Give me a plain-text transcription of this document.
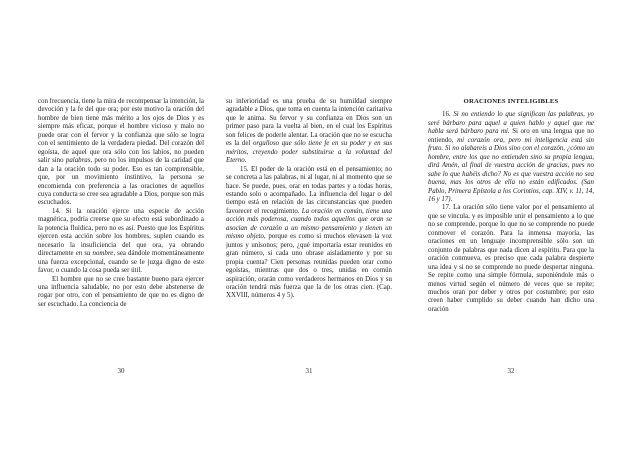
con frecuencia, tiene la mira de recompensar la intención, la devoción y la fe del que ora; por este motivo la oración del hombre de bien tiene más mérito a los ojos de Dios y es siempre más eficaz, porque el hombre vicioso y malo no puede orar con el fervor y la confianza que sólo se logra con el sentimiento de la verdadera piedad. Del corazón del egoísta, de aquel que ora sólo con los labios, no pueden salir sino palabras, pero no los impulsos de la caridad que dan a la oración todo su poder. Eso es tan comprensible, que, por un movimiento instintivo, la persona se encomienda con preferencia a las oraciones de aquellos cuya conducta se cree sea agradable a Dios, porque son más escuchados.

14. Si la oración ejerce una especie de acción magnética, podría creerse que su efecto está subordinado a la potencia fluídica, pero no es así. Puesto que los Espíritus ejercen esta acción sobre los hombres, suplen cuando es necesario la insuficiencia del que ora, ya obrando directamente en su nombre, sea dándole momentáneamente una fuerza excepcional, cuando se le juzga digno de este favor, o cuando la cosa pueda ser útil.

El hombre que no se cree bastante bueno para ejercer una influencia saludable, no por esto debe abstenerse de rogar por otro, con el pensamiento de que no es digno de ser escuchado. La conciencia de

su inferioridad es una prueba de su humildad siempre agradable a Dios, que toma en cuenta la intención caritativa que le anima. Su fervor y su confianza en Dios son un primer paso para la vuelta al bien, en el cual los Espíritus son felices de poderle alentar. La oración que no se escucha es la del orgulloso que sólo tiene fe en su poder y en sus méritos, creyendo poder substituirse a la voluntad del Eterno.

15. El poder de la oración está en el pensamiento; no se concreta a las palabras, ni al lugar, ni al momento que se hace. Se puede, pues, orar en todas partes y a todas horas, estando solo o acompañado. La influencia del lugar o del tiempo está en relación de las circunstancias que pueden favorecer el recogimiento. La oración en común, tiene una acción más poderosa, cuando todos aquellos que oran se asocian de corazón a un mismo pensamiento y tienen un mismo objeto, porque es como si muchos elevasen la voz juntos y unísonos; pero, ¿qué importaría estar reunidos en gran número, si cada uno obrase aisladamente y por su propia cuenta? Cien personas reunidas pueden orar como egoístas, mientras que dos o tres, unidas en común aspiración, orarán como verdaderos hermanos en Dios y su oración tendrá más fuerza que la de los otras cien. (Cap. XXVIII, números 4 y 5).

ORACIONES INTELIGIBLES

16. Si no entiendo lo que significan las palabras, yo seré bárbaro para aquel a quien hablo y aquel que me habla será bárbaro para mí. Si oro en una lengua que no entiendo, mi corazón ora, pero mi inteligencia está sin fruto. Si no alabareis a Dios sino con el corazón, ¿cómo un hombre, entre los que no entienden sino su propia lengua, dirá Amén, al final de vuestra acción de gracias, pues no sabe lo que habéis dicho? No es que vuestra acción no sea buena, mas los otros de ella no están edificados. (San Pablo, Primera Epístola a los Corintios, cap. XIV, v. 11, 14, 16 y 17).

17. La oración sólo tiene valor por el pensamiento al que se vincula, y es imposible unir el pensamiento a lo que no se comprende, porque lo que no se comprende no puede conmover el corazón. Para la inmensa mayoría, las oraciones en un lenguaje incomprensible sólo son un conjunto de palabras que nada dicen al espíritu. Para que la oración conmueva, es preciso que cada palabra despierte una idea y si no se comprende no puede despertar ninguna. Se repite como una simple fórmula, suponiéndole más o menos virtud según el número de veces que se repite; muchos oran por deber y otros por costumbre; por esto creen haber cumplido su deber cuando han dicho una oración

30	31	32
